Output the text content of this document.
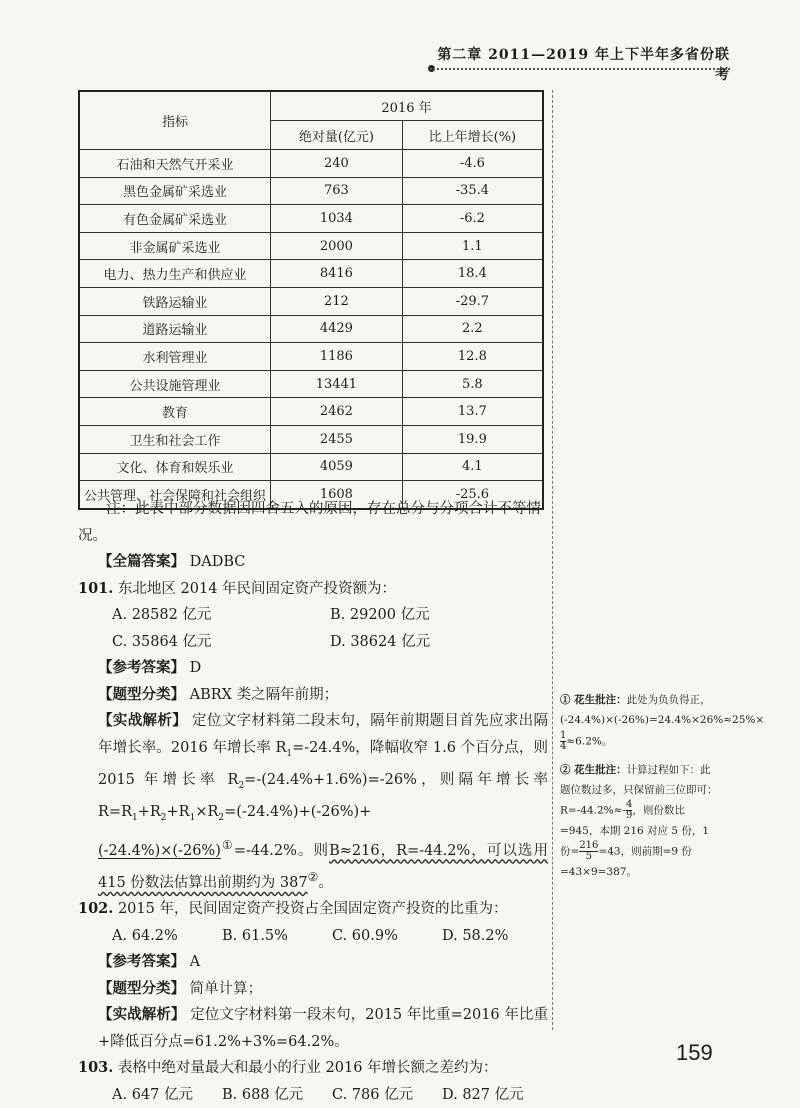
第二章 2011—2019 年上下半年多省份联考
指标	2016 年	
	绝对量(亿元)	比上年增长(%)
石油和天然气开采业	240	-4.6
黑色金属矿采选业	763	-35.4
有色金属矿采选业	1034	-6.2
非金属矿采选业	2000	1.1
电力、热力生产和供应业	8416	18.4
铁路运输业	212	-29.7
道路运输业	4429	2.2
水利管理业	1186	12.8
公共设施管理业	13441	5.8
教育	2462	13.7
卫生和社会工作	2455	19.9
文化、体育和娱乐业	4059	4.1
公共管理、社会保障和社会组织	1608	-25.6

注：此表中部分数据因四舍五入的原因，存在总分与分项合计不等情况。

【全篇答案】 DADBC

101. 东北地区 2014 年民间固定资产投资额为：

A. 28582 亿元	B. 29200 亿元
C. 35864 亿元	D. 38624 亿元

【参考答案】 D

【题型分类】 ABRX 类之隔年前期；

【实战解析】 定位文字材料第二段末句，隔年前期题目首先应求出隔年增长率。2016 年增长率 $R_1=-24.4\%$，降幅收窄 1.6 个百分点，则 2015 年增长率 $R_2=-(24.4\%+1.6\%)=-26\%$，则隔年增长率 $R=R_1+R_2+R_1\times R_2=(-24.4\%)+(-26\%)+(-24.4\%)\times(-26\%)^①=-44.2\%$。则B≈216，R=-44.2%，可以选用 415 份数法估算出前期约为 387②。

102. 2015 年，民间固定资产投资占全国固定资产投资的比重为：

A. 64.2%	B. 61.5%	C. 60.9%	D. 58.2%

【参考答案】 A

【题型分类】 简单计算；

【实战解析】 定位文字材料第一段末句，2015 年比重=2016 年比重+降低百分点=61.2%+3%=64.2%。

103. 表格中绝对量最大和最小的行业 2016 年增长额之差约为：

A. 647 亿元	B. 688 亿元	C. 786 亿元	D. 827 亿元

① 花生批注：此处为负负得正，(-24.4%)×(-26%)=24.4%×26%≈25%×
$\frac{1}{4} \approx 6.2\%$。

② 花生批注：计算过程如下：此题位数过多，只保留前三位即可：$R=-44.2\%\approx- \frac{4}{9}$ ，则份数比=945，本期 216 对应 5 份，1 份= $\frac{216}{5} =43$，则前期=9 份=43×9=387。

159
